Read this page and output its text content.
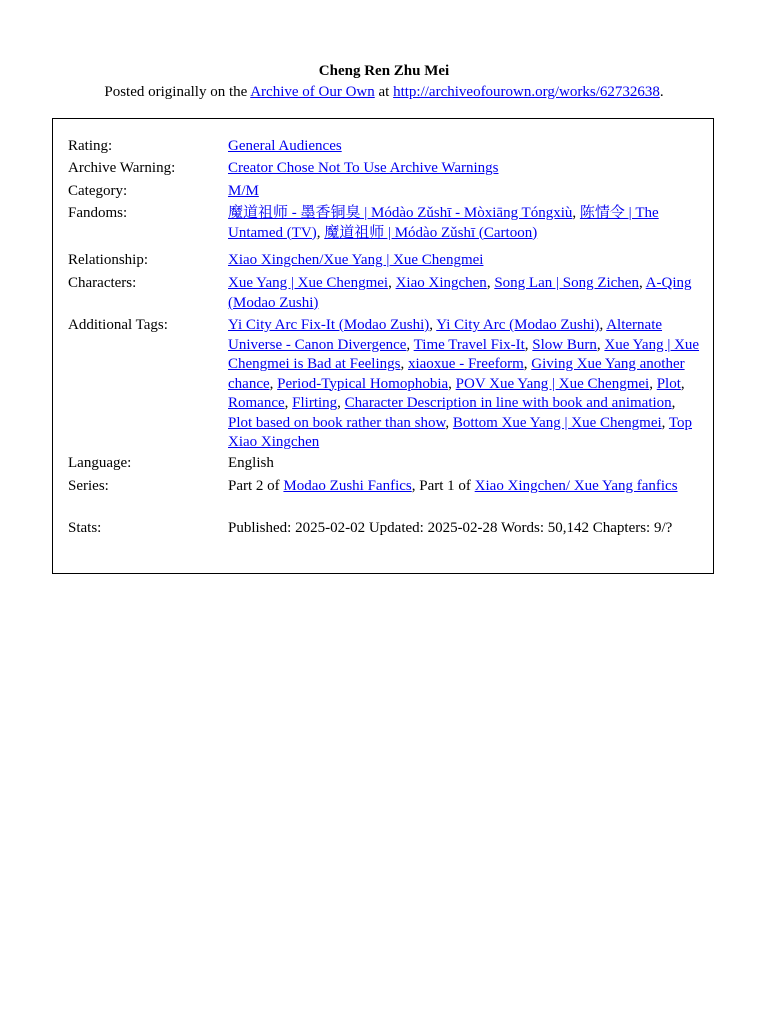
Cheng Ren Zhu Mei

Posted originally on the Archive of Our Own at http://archiveofourown.org/works/62732638.

Rating:	General Audiences
Archive Warning:	Creator Chose Not To Use Archive Warnings
Category:	M/M
Fandoms:	魔道祖师 - 墨香铜臭 | Módào Zǔshī - Mòxiāng Tóngxiù, 陈情令 | The Untamed (TV), 魔道祖师 | Módào Zǔshī (Cartoon)
Relationship:	Xiao Xingchen/Xue Yang | Xue Chengmei
Characters:	Xue Yang | Xue Chengmei, Xiao Xingchen, Song Lan | Song Zichen, A-Qing (Modao Zushi)
Additional Tags:	Yi City Arc Fix-It (Modao Zushi), Yi City Arc (Modao Zushi), Alternate Universe - Canon Divergence, Time Travel Fix-It, Slow Burn, Xue Yang | Xue Chengmei is Bad at Feelings, xiaoxue - Freeform, Giving Xue Yang another chance, Period-Typical Homophobia, POV Xue Yang | Xue Chengmei, Plot, Romance, Flirting, Character Description in line with book and animation, Plot based on book rather than show, Bottom Xue Yang | Xue Chengmei, Top Xiao Xingchen
Language:	English
Series:	Part 2 of Modao Zushi Fanfics, Part 1 of Xiao Xingchen/ Xue Yang fanfics
Stats:	Published: 2025-02-02 Updated: 2025-02-28 Words: 50,142 Chapters: 9/?
